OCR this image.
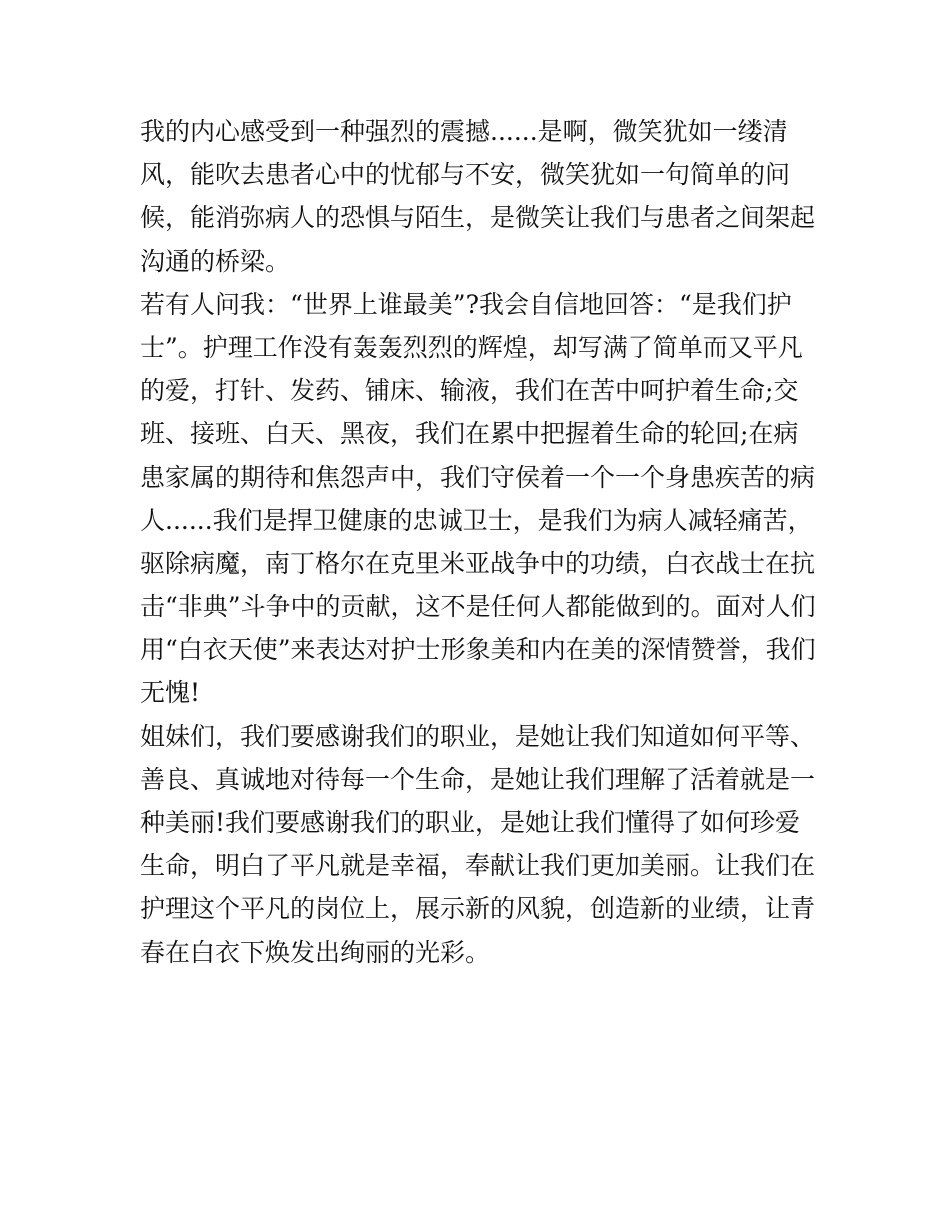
我的内心感受到一种强烈的震撼......是啊，微笑犹如一缕清
风，能吹去患者心中的忧郁与不安，微笑犹如一句简单的问
候，能消弥病人的恐惧与陌生，是微笑让我们与患者之间架起
沟通的桥梁。
若有人问我：“世界上谁最美”?我会自信地回答：“是我们护
士”。护理工作没有轰轰烈烈的辉煌，却写满了简单而又平凡
的爱，打针、发药、铺床、输液，我们在苦中呵护着生命;交
班、接班、白天、黑夜，我们在累中把握着生命的轮回;在病
患家属的期待和焦怨声中，我们守侯着一个一个身患疾苦的病
人......我们是捍卫健康的忠诚卫士，是我们为病人减轻痛苦，
驱除病魔，南丁格尔在克里米亚战争中的功绩，白衣战士在抗
击“非典”斗争中的贡献，这不是任何人都能做到的。面对人们
用“白衣天使”来表达对护士形象美和内在美的深情赞誉，我们
无愧!
姐妹们，我们要感谢我们的职业，是她让我们知道如何平等、
善良、真诚地对待每一个生命，是她让我们理解了活着就是一
种美丽!我们要感谢我们的职业，是她让我们懂得了如何珍爱
生命，明白了平凡就是幸福，奉献让我们更加美丽。让我们在
护理这个平凡的岗位上，展示新的风貌，创造新的业绩，让青
春在白衣下焕发出绚丽的光彩。
